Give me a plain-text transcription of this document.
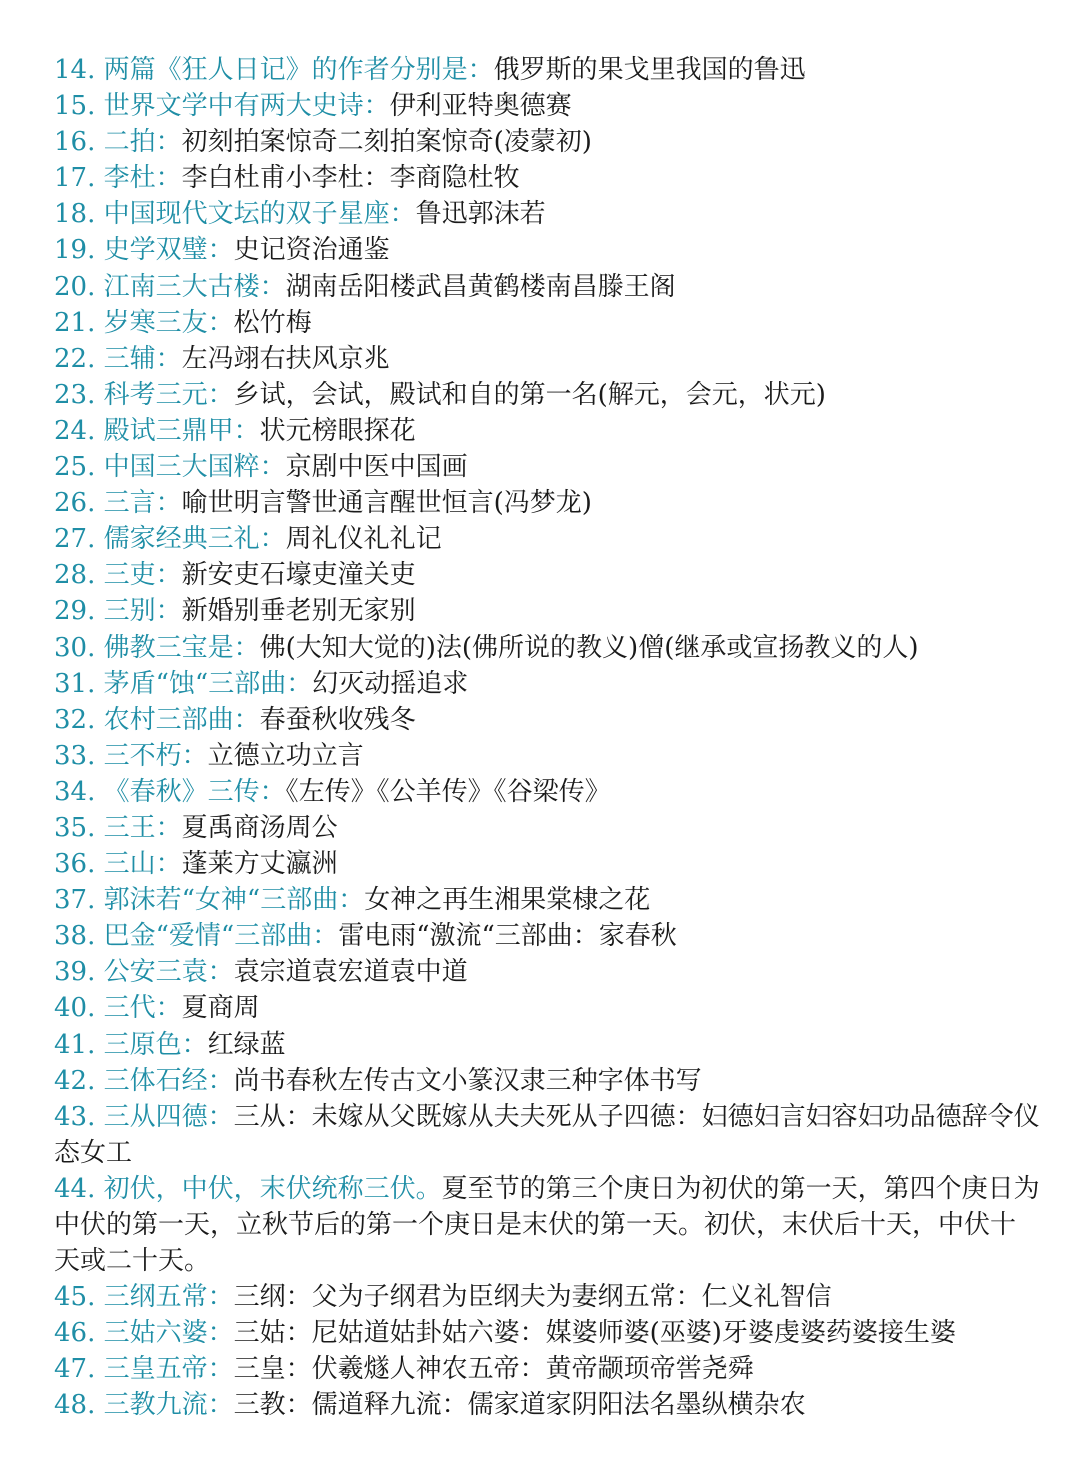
14. 两篇《狂人日记》的作者分别是：俄罗斯的果戈里我国的鲁迅

15. 世界文学中有两大史诗：伊利亚特奥德赛

16. 二拍：初刻拍案惊奇二刻拍案惊奇(凌蒙初)

17. 李杜：李白杜甫小李杜：李商隐杜牧

18. 中国现代文坛的双子星座：鲁迅郭沫若

19. 史学双璧：史记资治通鉴

20. 江南三大古楼：湖南岳阳楼武昌黄鹤楼南昌滕王阁

21. 岁寒三友：松竹梅

22. 三辅：左冯翊右扶风京兆

23. 科考三元：乡试，会试，殿试和自的第一名(解元，会元，状元)

24. 殿试三鼎甲：状元榜眼探花

25. 中国三大国粹：京剧中医中国画

26. 三言：喻世明言警世通言醒世恒言(冯梦龙)

27. 儒家经典三礼：周礼仪礼礼记

28. 三吏：新安吏石壕吏潼关吏

29. 三别：新婚别垂老别无家别

30. 佛教三宝是：佛(大知大觉的)法(佛所说的教义)僧(继承或宣扬教义的人)

31. 茅盾“蚀“三部曲：幻灭动摇追求

32. 农村三部曲：春蚕秋收残冬

33. 三不朽：立德立功立言

34. 《春秋》三传：《左传》《公羊传》《谷梁传》

35. 三王：夏禹商汤周公

36. 三山：蓬莱方丈瀛洲

37. 郭沫若“女神“三部曲：女神之再生湘果棠棣之花

38. 巴金“爱情“三部曲：雷电雨“激流“三部曲：家春秋

39. 公安三袁：袁宗道袁宏道袁中道

40. 三代：夏商周

41. 三原色：红绿蓝

42. 三体石经：尚书春秋左传古文小篆汉隶三种字体书写

43. 三从四德：三从：未嫁从父既嫁从夫夫死从子四德：妇德妇言妇容妇功品德辞令仪态女工

44. 初伏，中伏，末伏统称三伏。夏至节的第三个庚日为初伏的第一天，第四个庚日为中伏的第一天，立秋节后的第一个庚日是末伏的第一天。初伏，末伏后十天，中伏十天或二十天。

45. 三纲五常：三纲：父为子纲君为臣纲夫为妻纲五常：仁义礼智信

46. 三姑六婆：三姑：尼姑道姑卦姑六婆：媒婆师婆(巫婆)牙婆虔婆药婆接生婆

47. 三皇五帝：三皇：伏羲燧人神农五帝：黄帝颛顼帝喾尧舜

48. 三教九流：三教：儒道释九流：儒家道家阴阳法名墨纵横杂农
